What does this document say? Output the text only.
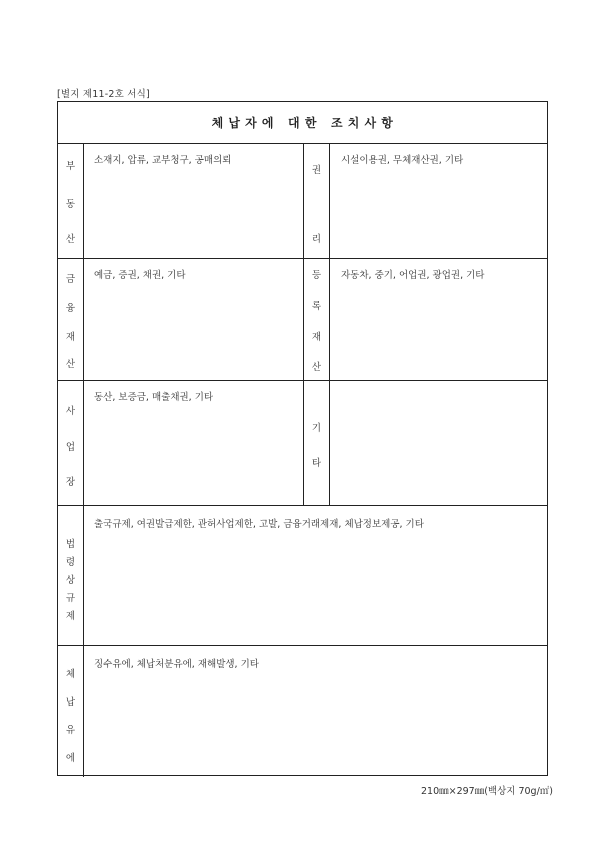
[별지 제11-2호 서식]
체 납 자 에   대 한   조 치 사 항
부
동
산
소재지, 압류, 교부청구, 공매의뢰
권
리
시설이용권, 무체재산권, 기타
금
융
재
산
예금, 증권, 채권, 기타	등
록
재
산
자동차, 중기, 어업권, 광업권, 기타
사
업
장
동산, 보증금, 매출채권, 기타
기
타
법
령
상
규
제
출국규제, 여권발급제한, 관허사업제한, 고발, 금융거래제재, 체납정보제공, 기타
체
납
유
에
징수유에, 체납처분유에, 재해발생, 기타
210㎜×297㎜(백상지 70g/㎡)
